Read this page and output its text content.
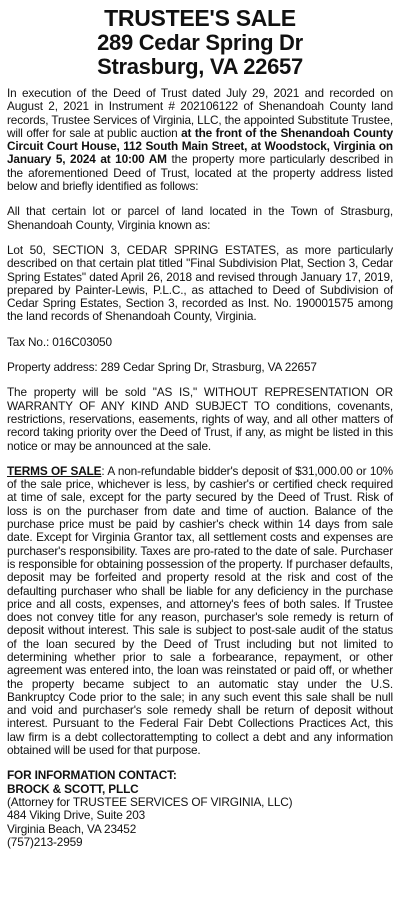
TRUSTEE'S SALE
289 Cedar Spring Dr
Strasburg, VA 22657

In execution of the Deed of Trust dated July 29, 2021 and recorded on August 2, 2021 in Instrument # 202106122 of Shenandoah County land records, Trustee Services of Virginia, LLC, the appointed Substitute Trustee, will offer for sale at public auction at the front of the Shenandoah County Circuit Court House, 112 South Main Street, at Woodstock, Virginia on January 5, 2024 at 10:00 AM the property more particularly described in the aforementioned Deed of Trust, located at the property address listed below and briefly identified as follows:

All that certain lot or parcel of land located in the Town of Strasburg, Shenandoah County, Virginia known as:

Lot 50, SECTION 3, CEDAR SPRING ESTATES, as more particularly described on that certain plat titled "Final Subdivision Plat, Section 3, Cedar Spring Estates" dated April 26, 2018 and revised through January 17, 2019, prepared by Painter-Lewis, P.L.C., as attached to Deed of Subdivision of Cedar Spring Estates, Section 3, recorded as Inst. No. 190001575 among the land records of Shenandoah County, Virginia.

Tax No.: 016C03050

Property address: 289 Cedar Spring Dr, Strasburg, VA 22657

The property will be sold "AS IS," WITHOUT REPRESENTATION OR WARRANTY OF ANY KIND AND SUBJECT TO conditions, covenants, restrictions, reservations, easements, rights of way, and all other matters of record taking priority over the Deed of Trust, if any, as might be listed in this notice or may be announced at the sale.

TERMS OF SALE: A non-refundable bidder's deposit of $31,000.00 or 10% of the sale price, whichever is less, by cashier's or certified check required at time of sale, except for the party secured by the Deed of Trust. Risk of loss is on the purchaser from date and time of auction. Balance of the purchase price must be paid by cashier's check within 14 days from sale date. Except for Virginia Grantor tax, all settlement costs and expenses are purchaser's responsibility. Taxes are pro-rated to the date of sale. Purchaser is responsible for obtaining possession of the property. If purchaser defaults, deposit may be forfeited and property resold at the risk and cost of the defaulting purchaser who shall be liable for any deficiency in the purchase price and all costs, expenses, and attorney's fees of both sales. If Trustee does not convey title for any reason, purchaser's sole remedy is return of deposit without interest. This sale is subject to post-sale audit of the status of the loan secured by the Deed of Trust including but not limited to determining whether prior to sale a forbearance, repayment, or other agreement was entered into, the loan was reinstated or paid off, or whether the property became subject to an automatic stay under the U.S. Bankruptcy Code prior to the sale; in any such event this sale shall be null and void and purchaser's sole remedy shall be return of deposit without interest. Pursuant to the Federal Fair Debt Collections Practices Act, this law firm is a debt collectorattempting to collect a debt and any information obtained will be used for that purpose.

FOR INFORMATION CONTACT:
BROCK & SCOTT, PLLC
(Attorney for TRUSTEE SERVICES OF VIRGINIA, LLC)
484 Viking Drive, Suite 203
Virginia Beach, VA 23452
(757)213-2959
